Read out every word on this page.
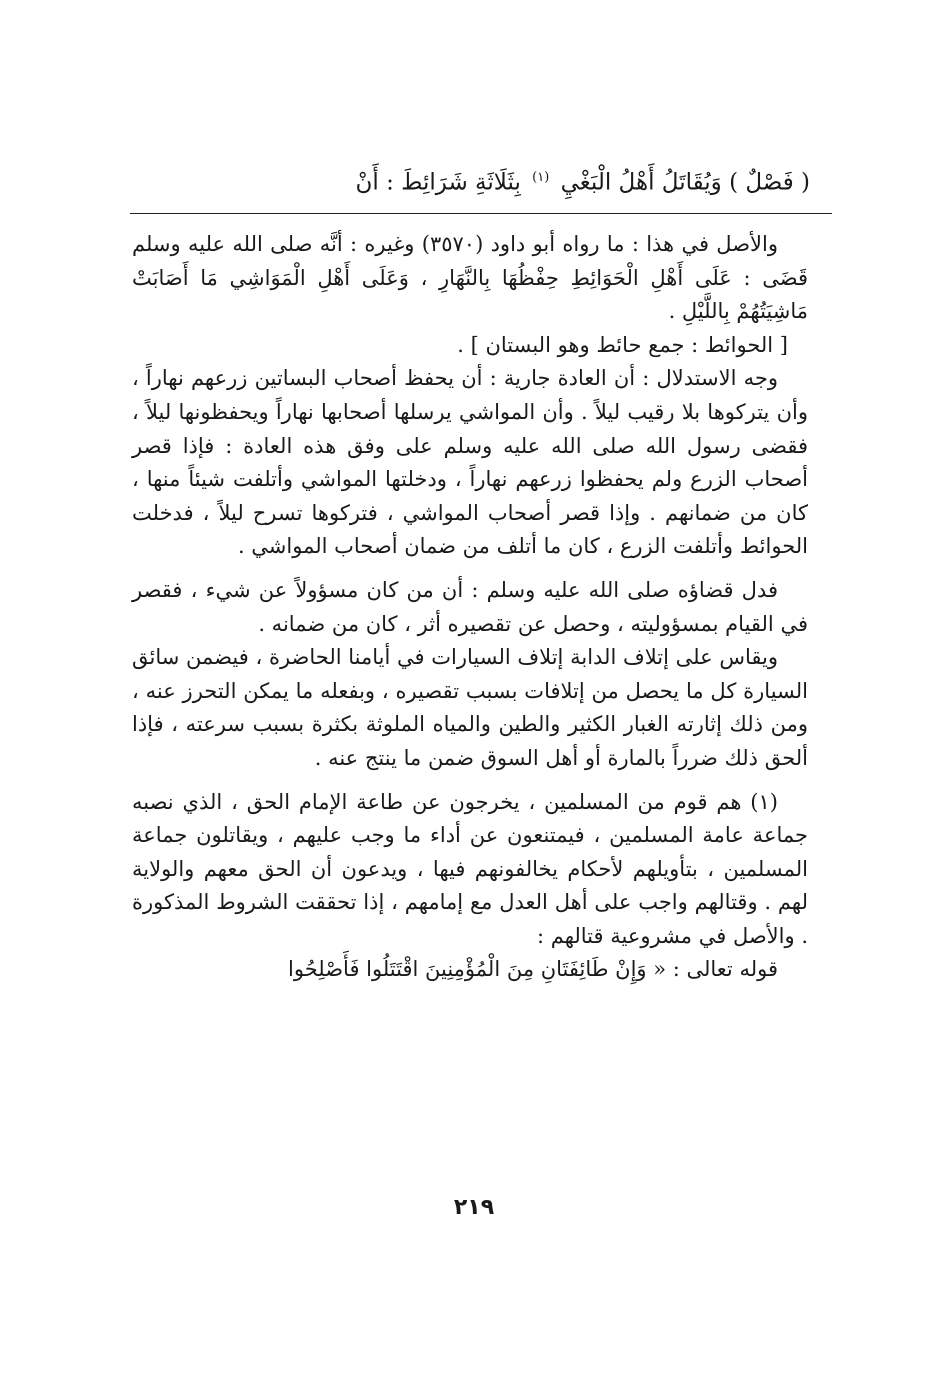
( فَصْلٌ ) وَيُقَاتَلُ أَهْلُ الْبَغْيِ $^{(١)}$ بِثَلَاثَةِ شَرَائِطَ : أَنْ

والأصل في هذا : ما رواه أبو داود (٣٥٧٠) وغيره : أنَّه صلى الله عليه وسلم قَضَى : عَلَى أَهْلِ الْحَوَائِطِ حِفْظُهَا بِالنَّهَارِ ، وَعَلَى أَهْلِ الْمَوَاشِي مَا أَصَابَتْ مَاشِيَتُهُمْ بِاللَّيْلِ .

[ الحوائط : جمع حائط وهو البستان ] .

وجه الاستدلال : أن العادة جارية : أن يحفظ أصحاب البساتين زرعهم نهاراً ، وأن يتركوها بلا رقيب ليلاً . وأن المواشي يرسلها أصحابها نهاراً ويحفظونها ليلاً ، فقضى رسول الله صلى الله عليه وسلم على وفق هذه العادة : فإذا قصر أصحاب الزرع ولم يحفظوا زرعهم نهاراً ، ودخلتها المواشي وأتلفت شيئاً منها ، كان من ضمانهم . وإذا قصر أصحاب المواشي ، فتركوها تسرح ليلاً ، فدخلت الحوائط وأتلفت الزرع ، كان ما أتلف من ضمان أصحاب المواشي .

فدل قضاؤه صلى الله عليه وسلم : أن من كان مسؤولاً عن شيء ، فقصر في القيام بمسؤوليته ، وحصل عن تقصيره أثر ، كان من ضمانه .

ويقاس على إتلاف الدابة إتلاف السيارات في أيامنا الحاضرة ، فيضمن سائق السيارة كل ما يحصل من إتلافات بسبب تقصيره ، وبفعله ما يمكن التحرز عنه ، ومن ذلك إثارته الغبار الكثير والطين والمياه الملوثة بكثرة بسبب سرعته ، فإذا ألحق ذلك ضرراً بالمارة أو أهل السوق ضمن ما ينتج عنه .

(١) هم قوم من المسلمين ، يخرجون عن طاعة الإمام الحق ، الذي نصبه جماعة عامة المسلمين ، فيمتنعون عن أداء ما وجب عليهم ، ويقاتلون جماعة المسلمين ، بتأويلهم لأحكام يخالفونهم فيها ، ويدعون أن الحق معهم والولاية لهم . وقتالهم واجب على أهل العدل مع إمامهم ، إذا تحققت الشروط المذكورة . والأصل في مشروعية قتالهم :

قوله تعالى : « وَإِنْ طَائِفَتَانِ مِنَ الْمُؤْمِنِينَ اقْتَتَلُوا فَأَصْلِحُوا

٢١٩
